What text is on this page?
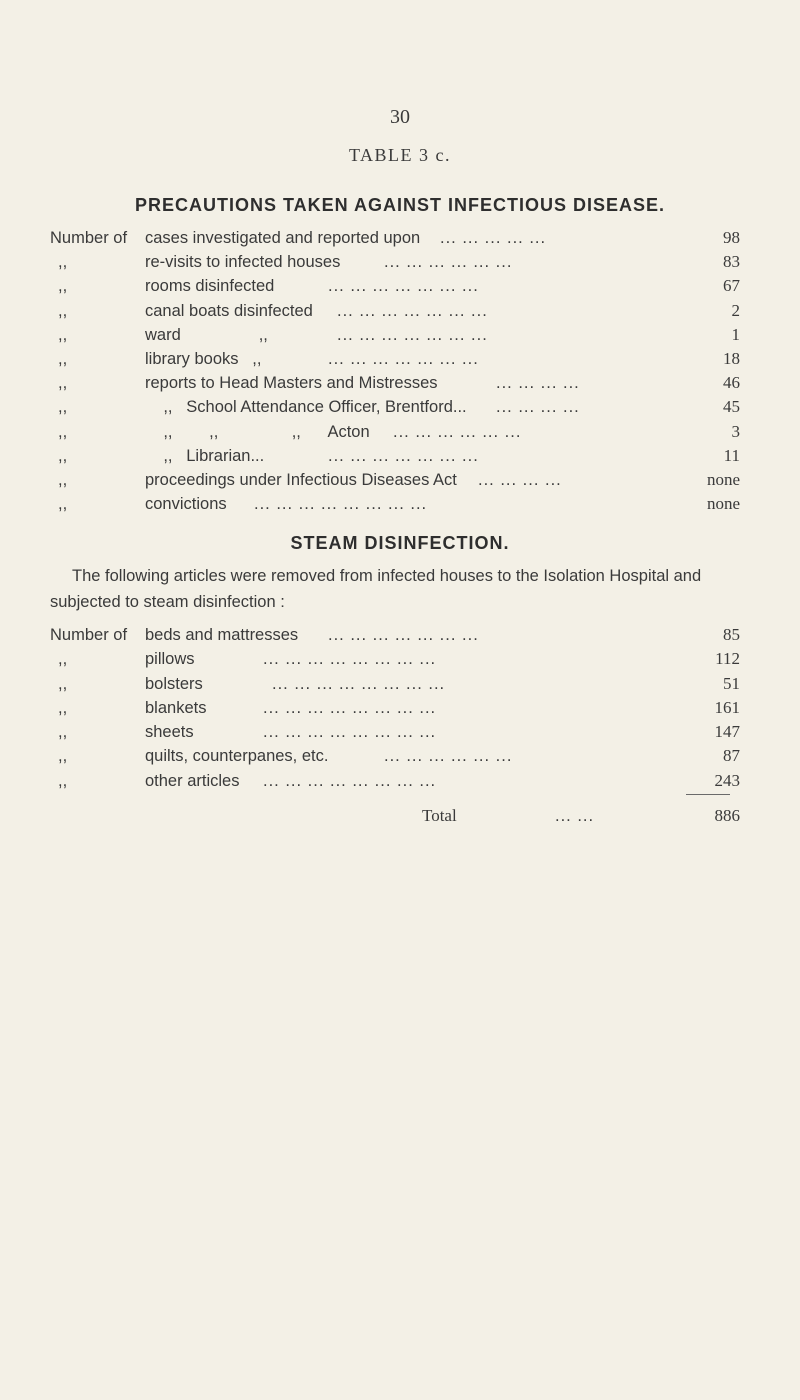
30
TABLE 3 c.
PRECAUTIONS TAKEN AGAINST INFECTIOUS DISEASE.
Number of cases investigated and reported upon	98
... ... ... ... ...
,,	re-visits to infected houses	83
... ... ... ... ... ...
,,	rooms disinfected	67
... ... ... ... ... ... ...
,,	canal boats disinfected	2
... ... ... ... ... ... ...
,,	ward                 ,,	1
... ... ... ... ... ... ...
,,	library books   ,,	18
... ... ... ... ... ... ...
,,	reports to Head Masters and Mistresses	46
... ... ... ...
,,	,,   School Attendance Officer, Brentford...	45
... ... ... ...
,,	,,        ,,                ,,      Acton	3
... ... ... ... ... ...
,,	,,   Librarian...	11
... ... ... ... ... ... ...
,,	proceedings under Infectious Diseases Act	none
... ... ... ...
,,	convictions	none
... ... ... ... ... ... ... ...
STEAM DISINFECTION.
The following articles were removed from infected houses to the Isolation Hospital and subjected to steam disinfection :
Number of beds and mattresses	85
... ... ... ... ... ... ...
,,	pillows	112
... ... ... ... ... ... ... ...
,,	bolsters	51
... ... ... ... ... ... ... ...
,,	blankets	161
... ... ... ... ... ... ... ...
,,	sheets	147
... ... ... ... ... ... ... ...
,,	quilts, counterpanes, etc.	87
... ... ... ... ... ...
,,	other articles	243
... ... ... ... ... ... ... ...
Total	... ...	886
